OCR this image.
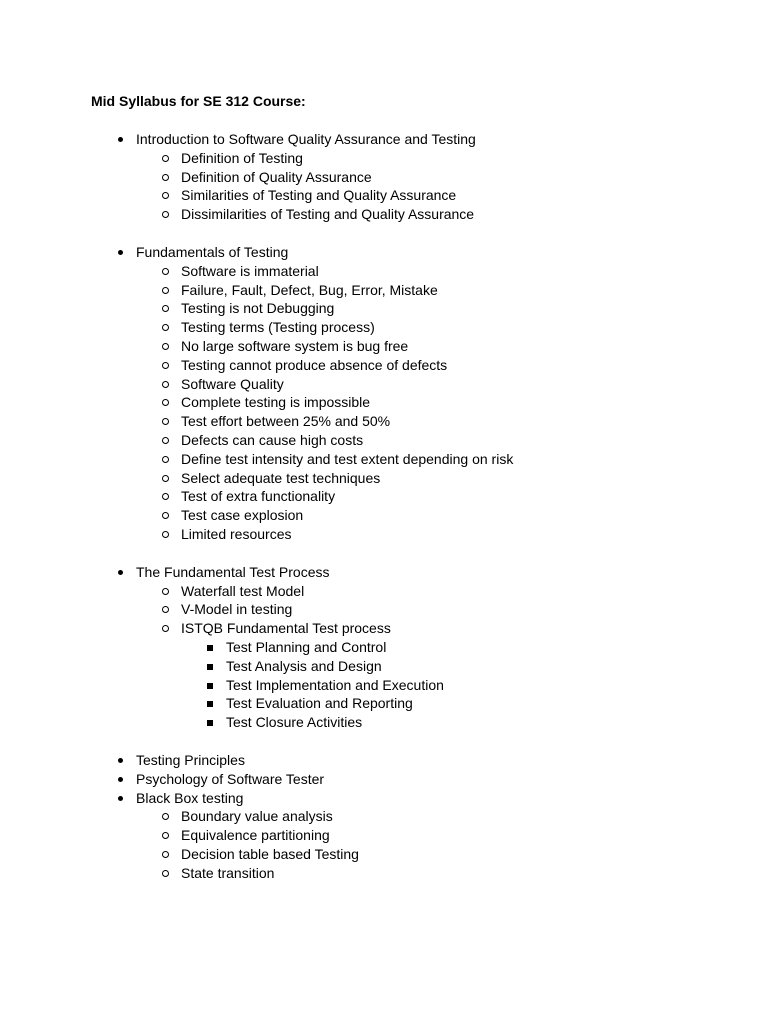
Mid Syllabus for SE 312 Course:
Introduction to Software Quality Assurance and Testing
Definition of Testing
Definition of Quality Assurance
Similarities of Testing and Quality Assurance
Dissimilarities of Testing and Quality Assurance
Fundamentals of Testing
Software is immaterial
Failure, Fault, Defect, Bug, Error, Mistake
Testing is not Debugging
Testing terms (Testing process)
No large software system is bug free
Testing cannot produce absence of defects
Software Quality
Complete testing is impossible
Test effort between 25% and 50%
Defects can cause high costs
Define test intensity and test extent depending on risk
Select adequate test techniques
Test of extra functionality
Test case explosion
Limited resources
The Fundamental Test Process
Waterfall test Model
V-Model in testing
ISTQB Fundamental Test process
Test Planning and Control
Test Analysis and Design
Test Implementation and Execution
Test Evaluation and Reporting
Test Closure Activities
Testing Principles
Psychology of Software Tester
Black Box testing
Boundary value analysis
Equivalence partitioning
Decision table based Testing
State transition
